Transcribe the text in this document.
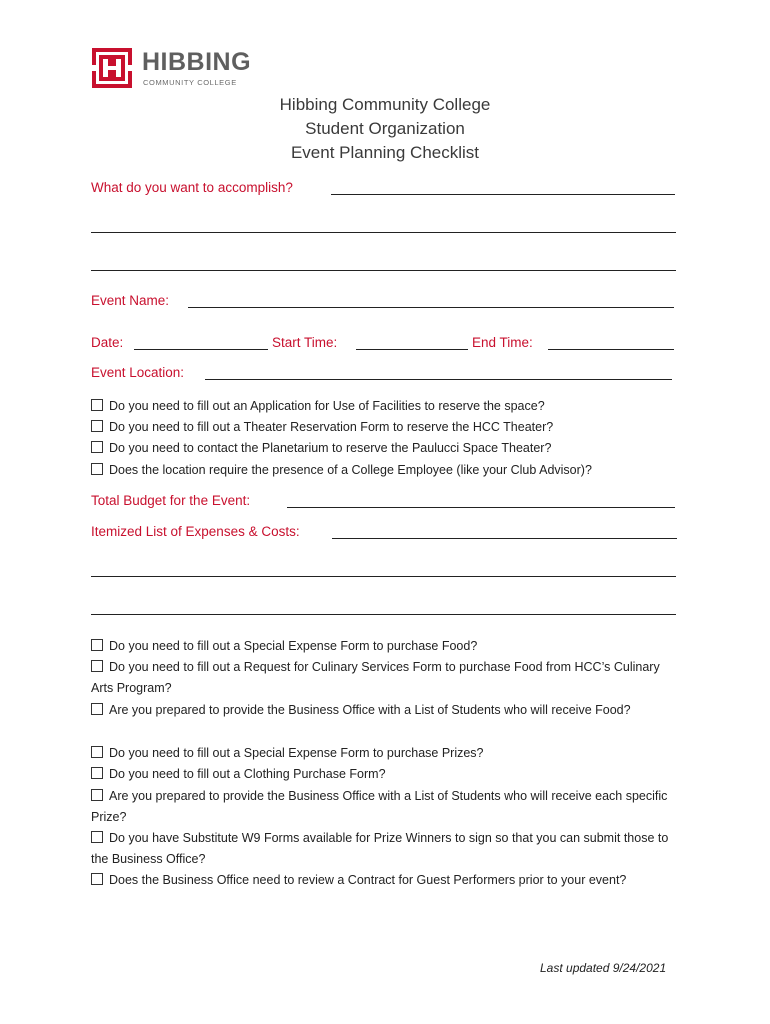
HIBBING
COMMUNITY COLLEGE
Hibbing Community College
Student Organization
Event Planning Checklist
What do you want to accomplish?
Event Name:
Date:	Start Time:	End Time:
Event Location:
Do you need to fill out an Application for Use of Facilities to reserve the space?
Do you need to fill out a Theater Reservation Form to reserve the HCC Theater?
Do you need to contact the Planetarium to reserve the Paulucci Space Theater?
Does the location require the presence of a College Employee (like your Club Advisor)?
Total Budget for the Event:
Itemized List of Expenses & Costs:
Do you need to fill out a Special Expense Form to purchase Food?
Do you need to fill out a Request for Culinary Services Form to purchase Food from HCC’s Culinary Arts Program?
Are you prepared to provide the Business Office with a List of Students who will receive Food?
Do you need to fill out a Special Expense Form to purchase Prizes?
Do you need to fill out a Clothing Purchase Form?
Are you prepared to provide the Business Office with a List of Students who will receive each specific Prize?
Do you have Substitute W9 Forms available for Prize Winners to sign so that you can submit those to the Business Office?
Does the Business Office need to review a Contract for Guest Performers prior to your event?
Last updated 9/24/2021
